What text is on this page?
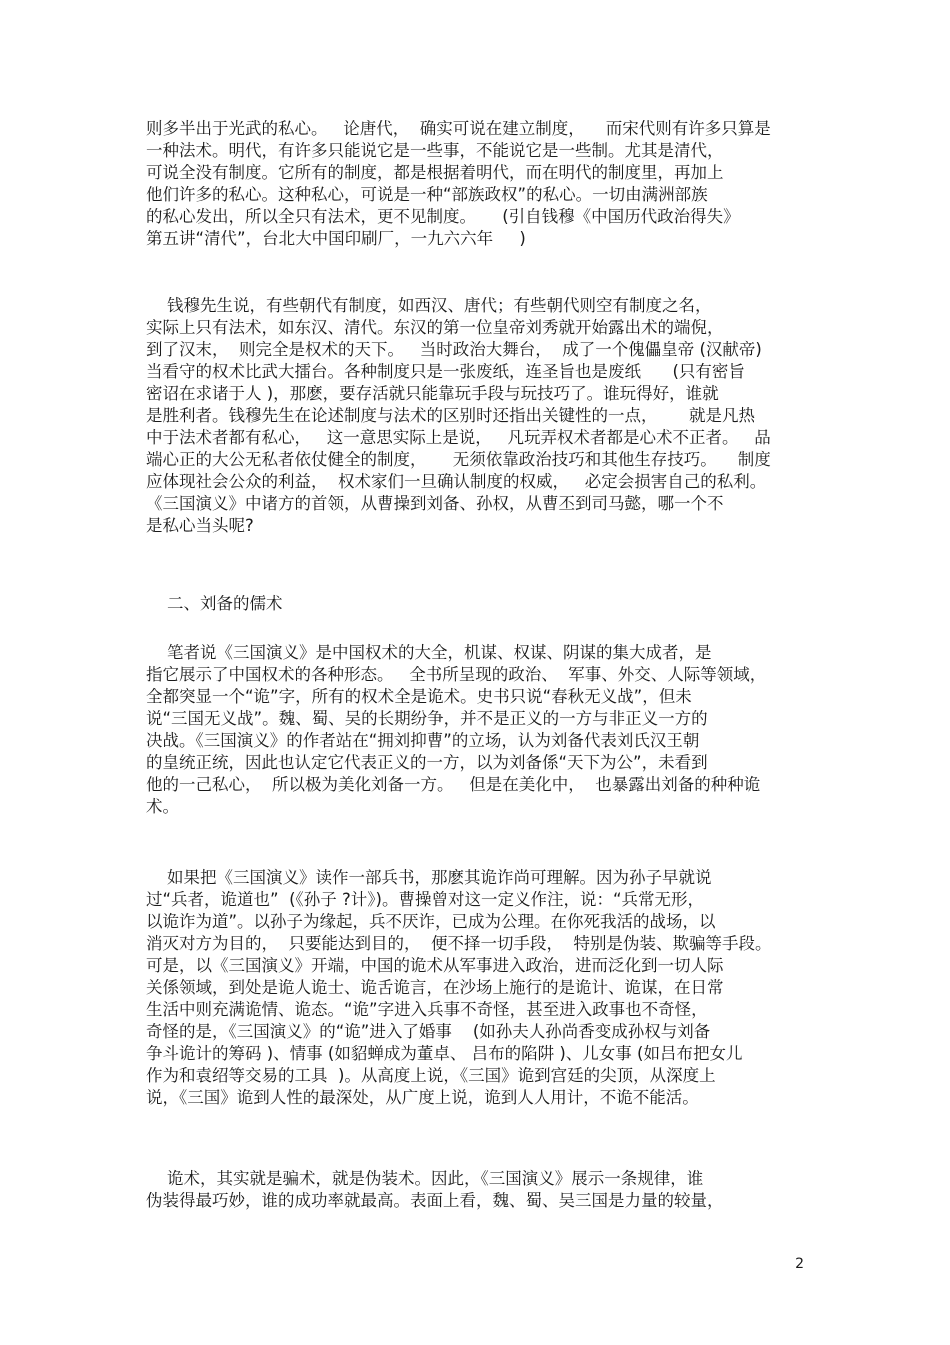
则多半出于光武的私心。   论唐代，  确实可说在建立制度，    而宋代则有许多只算是
一种法术。明代，有许多只能说它是一些事，不能说它是一些制。尤其是清代，
可说全没有制度。它所有的制度，都是根据着明代，而在明代的制度里，再加上
他们许多的私心。这种私心，可说是一种“部族政权”的私心。一切由满洲部族
的私心发出，所以全只有法术，更不见制度。     (引自钱穆《中国历代政治得失》
第五讲“清代”，台北大中国印刷厂，一九六六年     )
钱穆先生说，有些朝代有制度，如西汉、唐代；有些朝代则空有制度之名，
实际上只有法术，如东汉、清代。东汉的第一位皇帝刘秀就开始露出术的端倪，
到了汉末，  则完全是权术的天下。   当时政治大舞台，  成了一个傀儡皇帝 (汉献帝)
当看守的权术比武大擂台。各种制度只是一张废纸，连圣旨也是废纸      (只有密旨
密诏在求诸于人 )，那麽，要存活就只能靠玩手段与玩技巧了。谁玩得好，谁就
是胜利者。钱穆先生在论述制度与法术的区别时还指出关键性的一点，      就是凡热
中于法术者都有私心，   这一意思实际上是说，   凡玩弄权术者都是心术不正者。   品
端心正的大公无私者依仗健全的制度，     无须依靠政治技巧和其他生存技巧。    制度
应体现社会公众的利益，  权术家们一旦确认制度的权威，   必定会损害自己的私利。
《三国演义》中诸方的首领，从曹操到刘备、孙权，从曹丕到司马懿，哪一个不
是私心当头呢?
二、刘备的儒术
笔者说《三国演义》是中国权术的大全，机谋、权谋、阴谋的集大成者，是
指它展示了中国权术的各种形态。   全书所呈现的政治、  军事、外交、人际等领域，
全都突显一个“诡”字，所有的权术全是诡术。史书只说“春秋无义战”，但未
说“三国无义战”。魏、蜀、吴的长期纷争，并不是正义的一方与非正义一方的
决战。《三国演义》的作者站在“拥刘抑曹”的立场，认为刘备代表刘氏汉王朝
的皇统正统，因此也认定它代表正义的一方，以为刘备係“天下为公”，未看到
他的一己私心，  所以极为美化刘备一方。   但是在美化中，  也暴露出刘备的种种诡
术。
如果把《三国演义》读作一部兵书，那麽其诡诈尚可理解。因为孙子早就说
过“兵者，诡道也”  (《孙子 ?计》)。曹操曾对这一定义作注，说：“兵常无形，
以诡诈为道”。以孙子为缘起，兵不厌诈，已成为公理。在你死我活的战场，以
消灭对方为目的，  只要能达到目的，  便不择一切手段，  特别是伪装、欺骗等手段。
可是，以《三国演义》开端，中国的诡术从军事进入政治，进而泛化到一切人际
关係领域，到处是诡人诡士、诡舌诡言，在沙场上施行的是诡计、诡谋，在日常
生活中则充满诡情、诡态。“诡”字进入兵事不奇怪，甚至进入政事也不奇怪，
奇怪的是，《三国演义》的“诡”进入了婚事    (如孙夫人孙尚香变成孙权与刘备
争斗诡计的筹码 )、情事 (如貂蝉成为董卓、 吕布的陷阱 )、儿女事 (如吕布把女儿
作为和袁绍等交易的工具  )。从高度上说，《三国》诡到宫廷的尖顶，从深度上
说，《三国》诡到人性的最深处，从广度上说，诡到人人用计，不诡不能活。
诡术，其实就是骗术，就是伪装术。因此，《三国演义》展示一条规律，谁
伪装得最巧妙，谁的成功率就最高。表面上看，魏、蜀、吴三国是力量的较量，
2
